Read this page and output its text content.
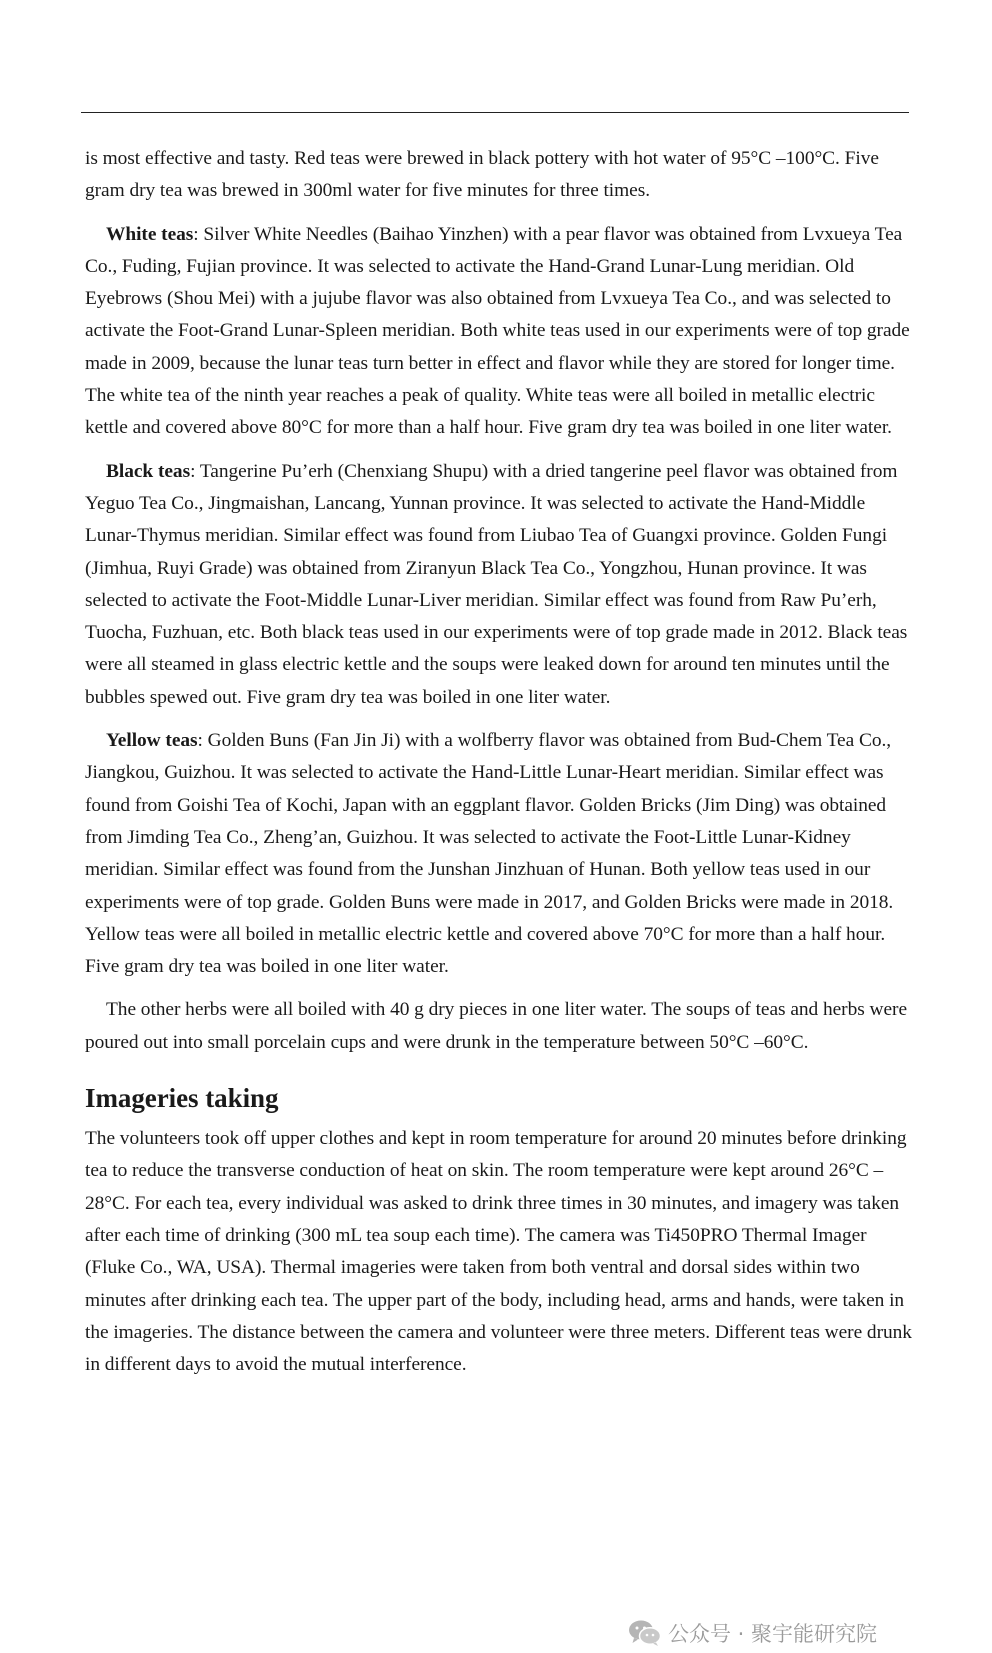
is most effective and tasty. Red teas were brewed in black pottery with hot water of 95°C –100°C. Five gram dry tea was brewed in 300ml water for five minutes for three times.

White teas: Silver White Needles (Baihao Yinzhen) with a pear flavor was obtained from Lvxueya Tea Co., Fuding, Fujian province. It was selected to activate the Hand-Grand Lunar-Lung meridian. Old Eyebrows (Shou Mei) with a jujube flavor was also obtained from Lvxueya Tea Co., and was selected to activate the Foot-Grand Lunar-Spleen meridian. Both white teas used in our experiments were of top grade made in 2009, because the lunar teas turn better in effect and flavor while they are stored for longer time. The white tea of the ninth year reaches a peak of quality. White teas were all boiled in metallic electric kettle and covered above 80°C for more than a half hour. Five gram dry tea was boiled in one liter water.

Black teas: Tangerine Pu’erh (Chenxiang Shupu) with a dried tangerine peel flavor was obtained from Yeguo Tea Co., Jingmaishan, Lancang, Yunnan province. It was selected to activate the Hand-Middle Lunar-Thymus meridian. Similar effect was found from Liubao Tea of Guangxi province. Golden Fungi (Jimhua, Ruyi Grade) was obtained from Ziranyun Black Tea Co., Yongzhou, Hunan province. It was selected to activate the Foot-Middle Lunar-Liver meridian. Similar effect was found from Raw Pu’erh, Tuocha, Fuzhuan, etc. Both black teas used in our experiments were of top grade made in 2012. Black teas were all steamed in glass electric kettle and the soups were leaked down for around ten minutes until the bubbles spewed out. Five gram dry tea was boiled in one liter water.

Yellow teas: Golden Buns (Fan Jin Ji) with a wolfberry flavor was obtained from Bud-Chem Tea Co., Jiangkou, Guizhou. It was selected to activate the Hand-Little Lunar-Heart meridian. Similar effect was found from Goishi Tea of Kochi, Japan with an eggplant flavor. Golden Bricks (Jim Ding) was obtained from Jimding Tea Co., Zheng’an, Guizhou. It was selected to activate the Foot-Little Lunar-Kidney meridian. Similar effect was found from the Junshan Jinzhuan of Hunan. Both yellow teas used in our experiments were of top grade. Golden Buns were made in 2017, and Golden Bricks were made in 2018. Yellow teas were all boiled in metallic electric kettle and covered above 70°C for more than a half hour. Five gram dry tea was boiled in one liter water.

The other herbs were all boiled with 40 g dry pieces in one liter water. The soups of teas and herbs were poured out into small porcelain cups and were drunk in the temperature between 50°C –60°C.

Imageries taking

The volunteers took off upper clothes and kept in room temperature for around 20 minutes before drinking tea to reduce the transverse conduction of heat on skin. The room temperature were kept around 26°C –28°C. For each tea, every individual was asked to drink three times in 30 minutes, and imagery was taken after each time of drinking (300 mL tea soup each time). The camera was Ti450PRO Thermal Imager (Fluke Co., WA, USA). Thermal imageries were taken from both ventral and dorsal sides within two minutes after drinking each tea. The upper part of the body, including head, arms and hands, were taken in the imageries. The distance between the camera and volunteer were three meters. Different teas were drunk in different days to avoid the mutual interference.

公众号 · 聚宇能研究院
